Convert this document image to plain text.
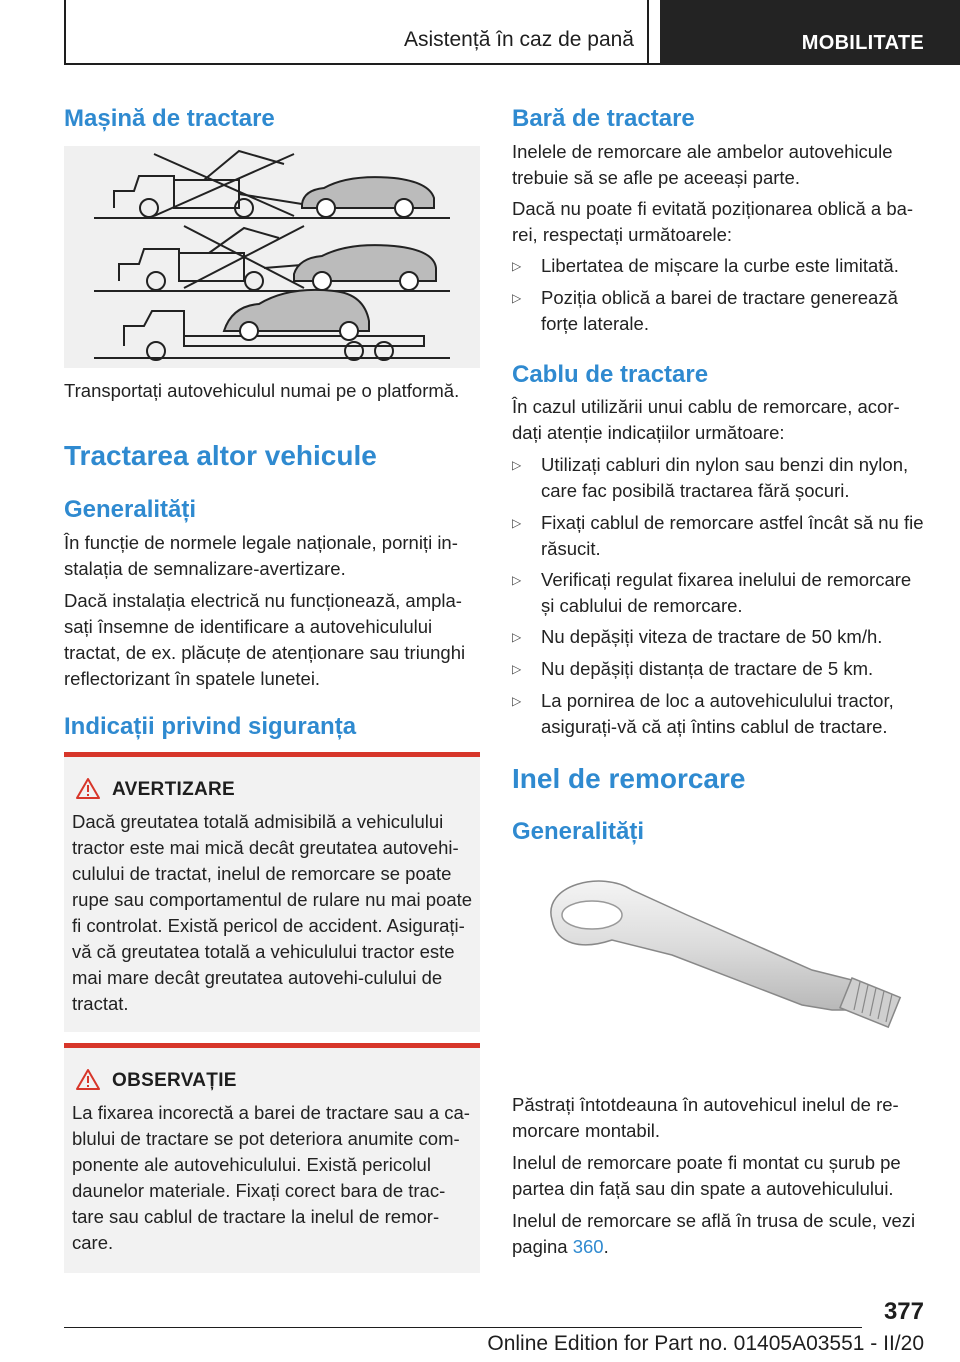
Asistență în caz de pană	MOBILITATE
Mașină de tractare
Transportați autovehiculul numai pe o platformă.
Tractarea altor vehicule
Generalități
În funcție de normele legale naționale, porniți in-stalația de semnalizare-avertizare.
Dacă instalația electrică nu funcționează, ampla-sați însemne de identificare a autovehiculului tractat, de ex. plăcuțe de atenționare sau triunghi reflectorizant în spatele lunetei.
Indicații privind siguranța
AVERTIZARE
Dacă greutatea totală admisibilă a vehiculului tractor este mai mică decât greutatea autovehi-culului de tractat, inelul de remorcare se poate rupe sau comportamentul de rulare nu mai poate fi controlat. Există pericol de accident. Asigurați-vă că greutatea totală a vehiculului tractor este mai mare decât greutatea autovehi-culului de tractat.
OBSERVAȚIE
La fixarea incorectă a barei de tractare sau a ca-blului de tractare se pot deteriora anumite com-ponente ale autovehiculului. Există pericolul daunelor materiale. Fixați corect bara de trac-tare sau cablul de tractare la inelul de remor-care.
Bară de tractare
Inelele de remorcare ale ambelor autovehicule trebuie să se afle pe aceeași parte.
Dacă nu poate fi evitată poziționarea oblică a ba-rei, respectați următoarele:
▷ Libertatea de mișcare la curbe este limitată.
▷ Poziția oblică a barei de tractare generează forțe laterale.
Cablu de tractare
În cazul utilizării unui cablu de remorcare, acor-dați atenție indicațiilor următoare:
▷ Utilizați cabluri din nylon sau benzi din nylon, care fac posibilă tractarea fără șocuri.
▷ Fixați cablul de remorcare astfel încât să nu fie răsucit.
▷ Verificați regulat fixarea inelului de remorcare și cablului de remorcare.
▷ Nu depășiți viteza de tractare de 50 km/h.
▷ Nu depășiți distanța de tractare de 5 km.
▷ La pornirea de loc a autovehiculului tractor, asigurați-vă că ați întins cablul de tractare.
Inel de remorcare
Generalități
Păstrați întotdeauna în autovehicul inelul de re-morcare montabil.
Inelul de remorcare poate fi montat cu șurub pe partea din față sau din spate a autovehiculului.
Inelul de remorcare se află în trusa de scule, vezi pagina 360.
377
Online Edition for Part no. 01405A03551 - II/20
